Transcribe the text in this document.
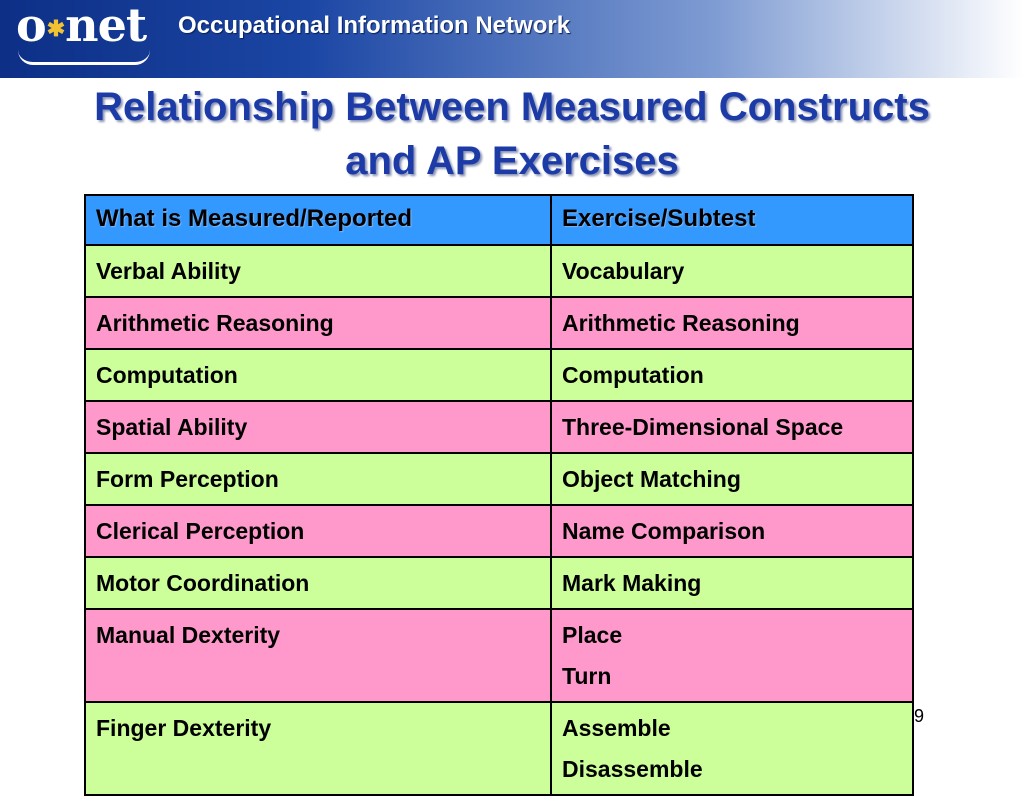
o✱net Occupational Information Network
Relationship Between Measured Constructs
and AP Exercises
What is Measured/Reported	Exercise/Subtest
Verbal Ability	Vocabulary

Arithmetic Reasoning	Arithmetic Reasoning

Computation	Computation

Spatial Ability	Three-Dimensional Space

Form Perception	Object Matching

Clerical Perception	Name Comparison

Motor Coordination	Mark Making

Manual Dexterity	Place
Turn

Finger Dexterity	Assemble
Disassemble
9
